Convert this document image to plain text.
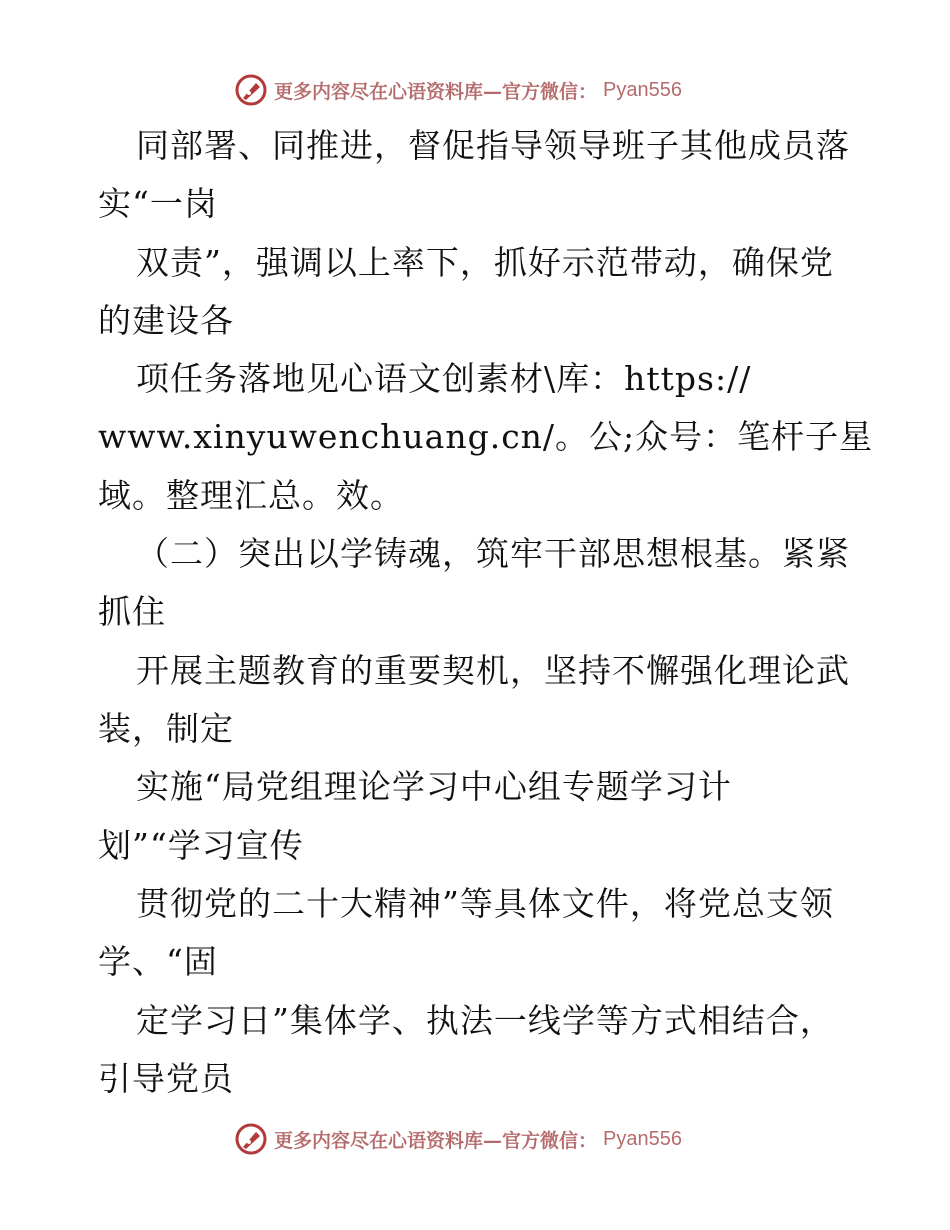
更多内容尽在心语资料库—官方微信： Pyan556
同部署、同推进，督促指导领导班子其他成员落
实“一岗
双责”，强调以上率下，抓好示范带动，确保党
的建设各
项任务落地见心语文创素材\库：https://
www.xinyuwenchuang.cn/。公;众号：笔杆子星
域。整理汇总。效。
（二）突出以学铸魂，筑牢干部思想根基。紧紧
抓住
开展主题教育的重要契机，坚持不懈强化理论武
装，制定
实施“局党组理论学习中心组专题学习计
划”“学习宣传
贯彻党的二十大精神”等具体文件，将党总支领
学、“固
定学习日”集体学、执法一线学等方式相结合，
引导党员
更多内容尽在心语资料库—官方微信： Pyan556
